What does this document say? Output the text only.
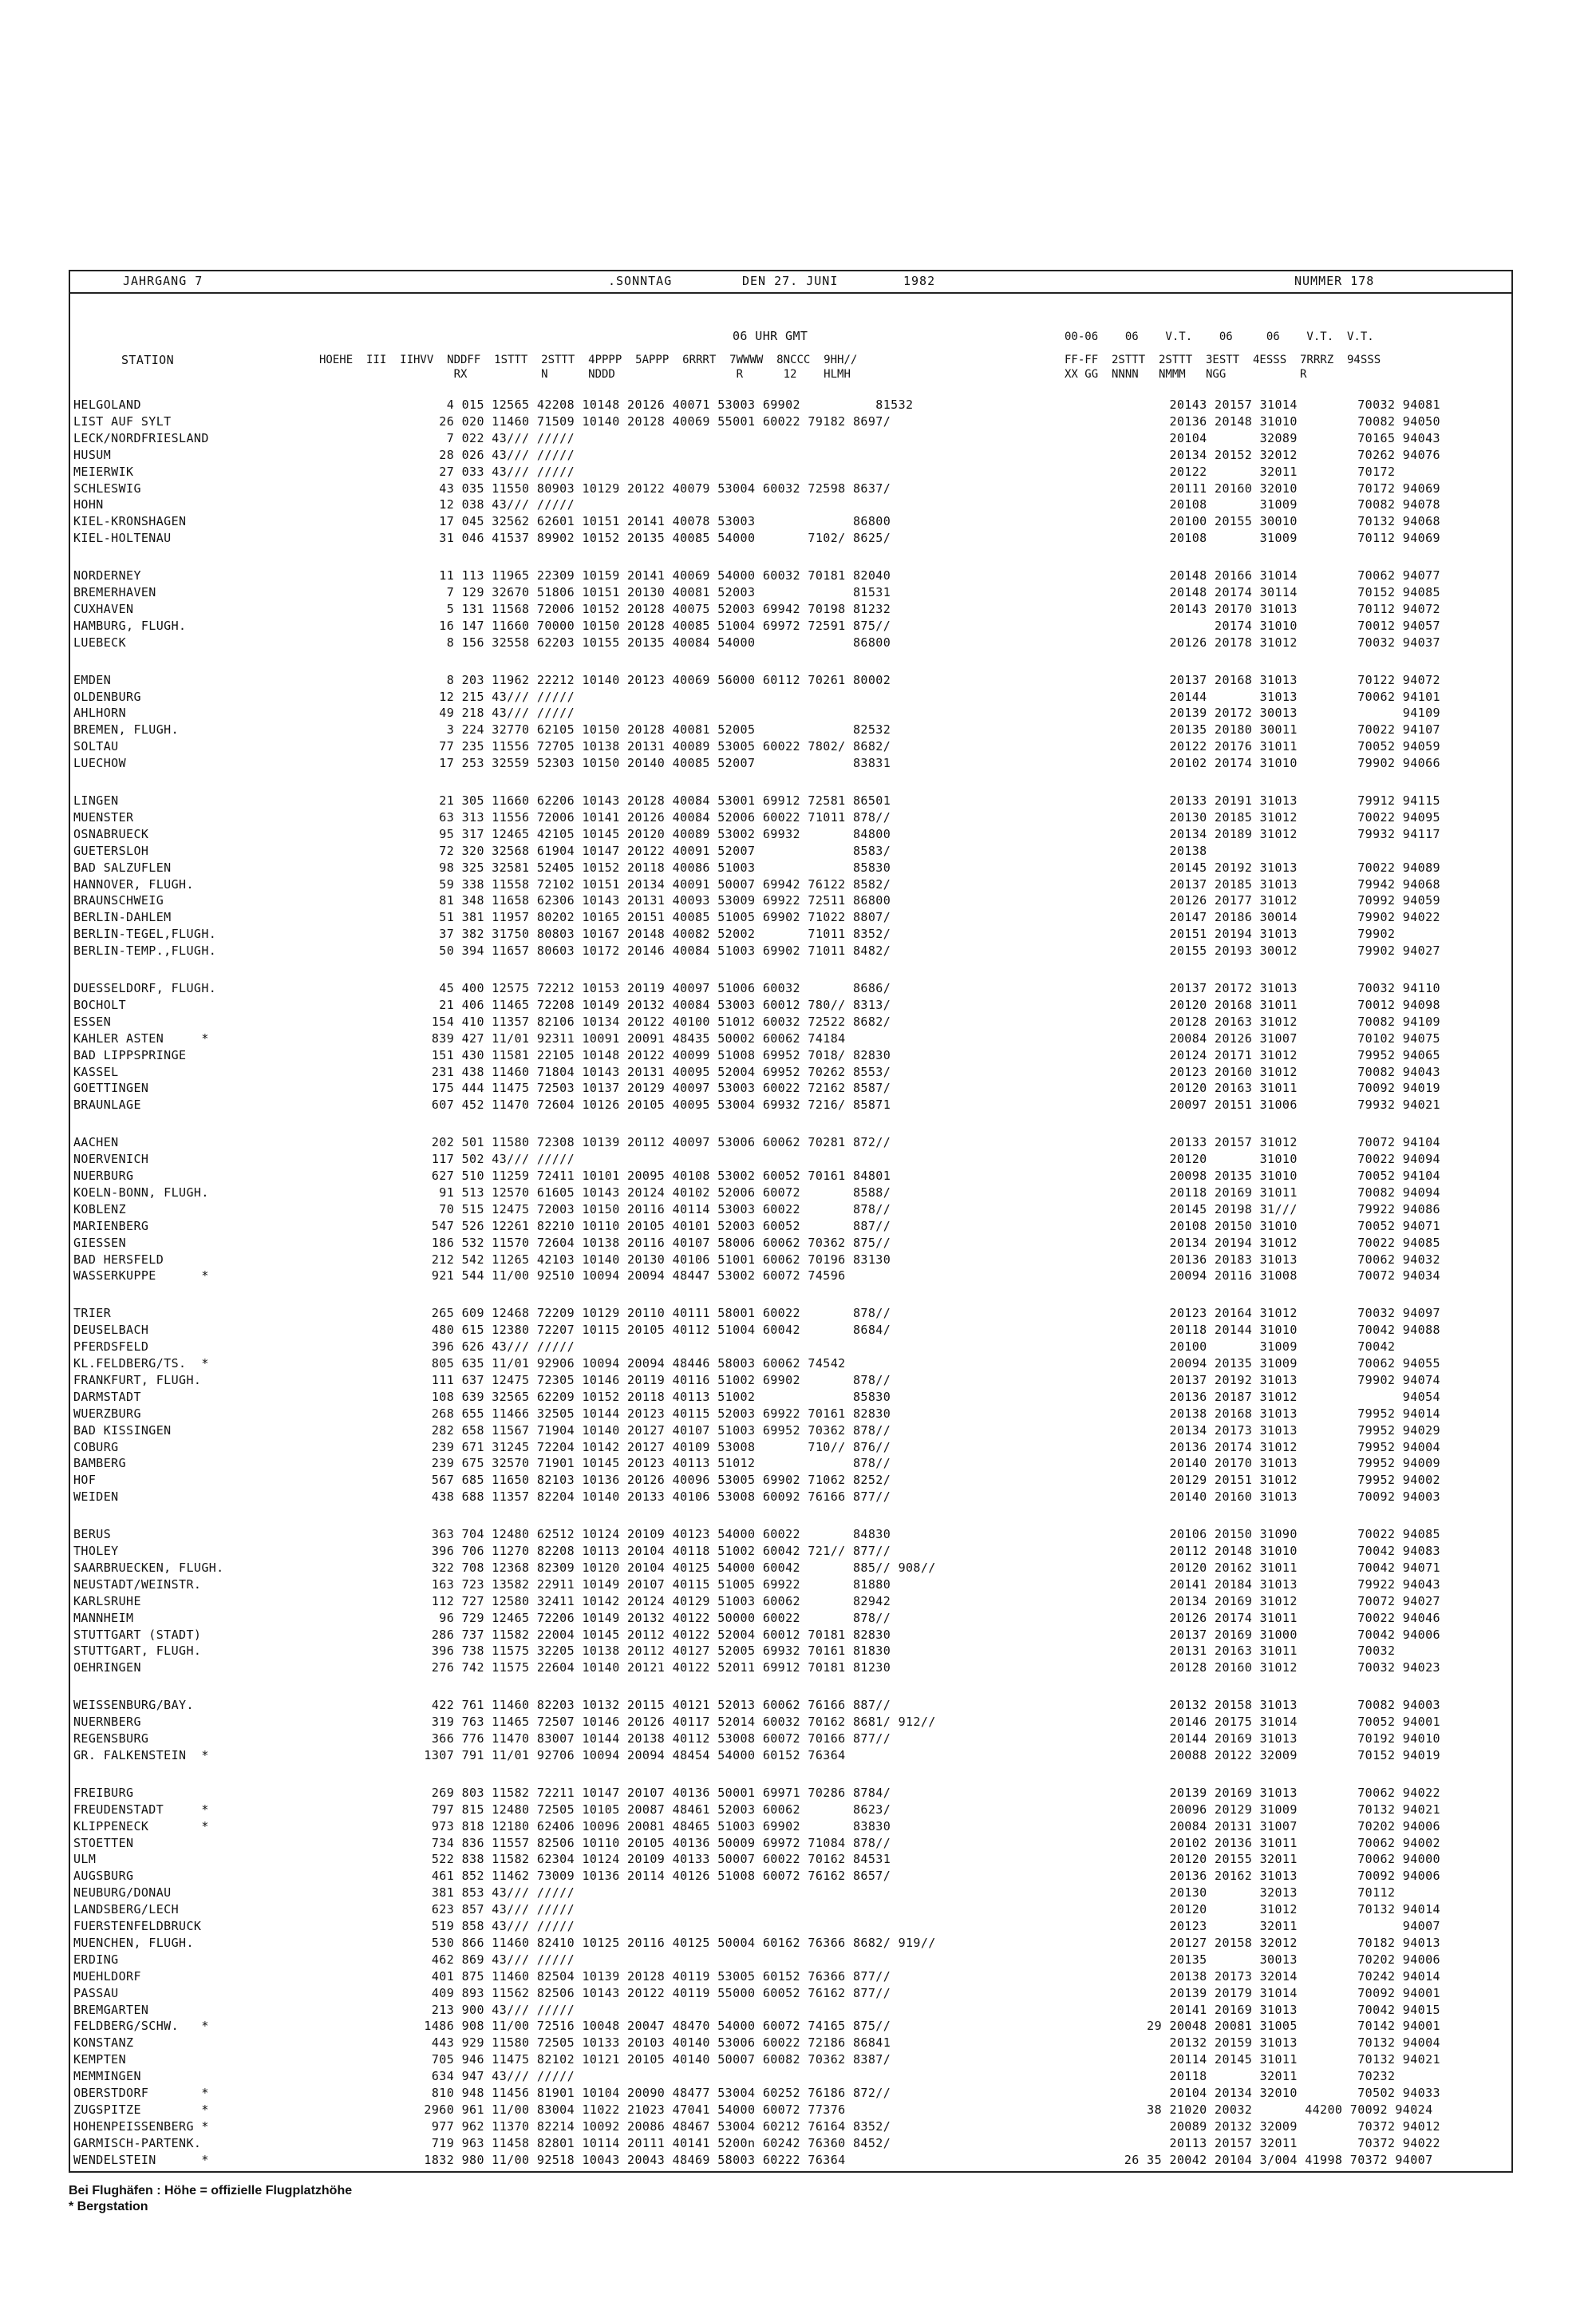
JAHRGANG 7	.SONNTAG	DEN 27. JUNI	1982	NUMMER 178
06 UHR GMT	00-06    06    V.T.    06     06    V.T.  V.T.
STATION	HOEHE  III  IIHVV  NDDFF  1STTT  2STTT  4PPPP  5APPP  6RRRT  7WWWW  8NCCC  9HH//
RX           N      NDDD                  R      12    HLMH
FF-FF  2STTT  2STTT  3ESTT  4ESSS  7RRRZ  94SSS
XX GG  NNNN   NMMM   NGG           R
HELGOLAND	4 015 12565 42208 10148 20126 40071 53003 69902          81532	20143 20157 31014        70032 94081
LIST AUF SYLT	26 020 11460 71509 10140 20128 40069 55001 60022 79182 8697/	20136 20148 31010        70082 94050
LECK/NORDFRIESLAND	7 022 43/// /////	20104       32089        70165 94043
HUSUM	28 026 43/// /////	20134 20152 32012        70262 94076
MEIERWIK	27 033 43/// /////	20122       32011        70172
SCHLESWIG	43 035 11550 80903 10129 20122 40079 53004 60032 72598 8637/	20111 20160 32010        70172 94069
HOHN	12 038 43/// /////	20108       31009        70082 94078
KIEL-KRONSHAGEN	17 045 32562 62601 10151 20141 40078 53003             86800	20100 20155 30010        70132 94068
KIEL-HOLTENAU	31 046 41537 89902 10152 20135 40085 54000       7102/ 8625/	20108       31009        70112 94069
NORDERNEY	11 113 11965 22309 10159 20141 40069 54000 60032 70181 82040	20148 20166 31014        70062 94077
BREMERHAVEN	7 129 32670 51806 10151 20130 40081 52003             81531	20148 20174 30114        70152 94085
CUXHAVEN	5 131 11568 72006 10152 20128 40075 52003 69942 70198 81232	20143 20170 31013        70112 94072
HAMBURG, FLUGH.	16 147 11660 70000 10150 20128 40085 51004 69972 72591 875//	20174 31010        70012 94057
LUEBECK	8 156 32558 62203 10155 20135 40084 54000             86800	20126 20178 31012        70032 94037
EMDEN	8 203 11962 22212 10140 20123 40069 56000 60112 70261 80002	20137 20168 31013        70122 94072
OLDENBURG	12 215 43/// /////	20144       31013        70062 94101
AHLHORN	49 218 43/// /////	20139 20172 30013              94109
BREMEN, FLUGH.	3 224 32770 62105 10150 20128 40081 52005             82532	20135 20180 30011        70022 94107
SOLTAU	77 235 11556 72705 10138 20131 40089 53005 60022 7802/ 8682/	20122 20176 31011        70052 94059
LUECHOW	17 253 32559 52303 10150 20140 40085 52007             83831	20102 20174 31010        79902 94066
LINGEN	21 305 11660 62206 10143 20128 40084 53001 69912 72581 86501	20133 20191 31013        79912 94115
MUENSTER	63 313 11556 72006 10141 20126 40084 52006 60022 71011 878//	20130 20185 31012        70022 94095
OSNABRUECK	95 317 12465 42105 10145 20120 40089 53002 69932       84800	20134 20189 31012        79932 94117
GUETERSLOH	72 320 32568 61904 10147 20122 40091 52007             8583/	20138
BAD SALZUFLEN	98 325 32581 52405 10152 20118 40086 51003             85830	20145 20192 31013        70022 94089
HANNOVER, FLUGH.	59 338 11558 72102 10151 20134 40091 50007 69942 76122 8582/	20137 20185 31013        79942 94068
BRAUNSCHWEIG	81 348 11658 62306 10143 20131 40093 53009 69922 72511 86800	20126 20177 31012        70992 94059
BERLIN-DAHLEM	51 381 11957 80202 10165 20151 40085 51005 69902 71022 8807/	20147 20186 30014        79902 94022
BERLIN-TEGEL,FLUGH.	37 382 31750 80803 10167 20148 40082 52002       71011 8352/	20151 20194 31013        79902
BERLIN-TEMP.,FLUGH.	50 394 11657 80603 10172 20146 40084 51003 69902 71011 8482/	20155 20193 30012        79902 94027
DUESSELDORF, FLUGH.	45 400 12575 72212 10153 20119 40097 51006 60032       8686/	20137 20172 31013        70032 94110
BOCHOLT	21 406 11465 72208 10149 20132 40084 53003 60012 780// 8313/	20120 20168 31011        70012 94098
ESSEN	154 410 11357 82106 10134 20122 40100 51012 60032 72522 8682/	20128 20163 31012        70082 94109
KAHLER ASTEN     *	839 427 11/01 92311 10091 20091 48435 50002 60062 74184	20084 20126 31007        70102 94075
BAD LIPPSPRINGE	151 430 11581 22105 10148 20122 40099 51008 69952 7018/ 82830	20124 20171 31012        79952 94065
KASSEL	231 438 11460 71804 10143 20131 40095 52004 69952 70262 8553/	20123 20160 31012        70082 94043
GOETTINGEN	175 444 11475 72503 10137 20129 40097 53003 60022 72162 8587/	20120 20163 31011        70092 94019
BRAUNLAGE	607 452 11470 72604 10126 20105 40095 53004 69932 7216/ 85871	20097 20151 31006        79932 94021
AACHEN	202 501 11580 72308 10139 20112 40097 53006 60062 70281 872//	20133 20157 31012        70072 94104
NOERVENICH	117 502 43/// /////	20120       31010        70022 94094
NUERBURG	627 510 11259 72411 10101 20095 40108 53002 60052 70161 84801	20098 20135 31010        70052 94104
KOELN-BONN, FLUGH.	91 513 12570 61605 10143 20124 40102 52006 60072       8588/	20118 20169 31011        70082 94094
KOBLENZ	70 515 12475 72003 10150 20116 40114 53003 60022       878//	20145 20198 31///        79922 94086
MARIENBERG	547 526 12261 82210 10110 20105 40101 52003 60052       887//	20108 20150 31010        70052 94071
GIESSEN	186 532 11570 72604 10138 20116 40107 58006 60062 70362 875//	20134 20194 31012        70022 94085
BAD HERSFELD	212 542 11265 42103 10140 20130 40106 51001 60062 70196 83130	20136 20183 31013        70062 94032
WASSERKUPPE      *	921 544 11/00 92510 10094 20094 48447 53002 60072 74596	20094 20116 31008        70072 94034
TRIER	265 609 12468 72209 10129 20110 40111 58001 60022       878//	20123 20164 31012        70032 94097
DEUSELBACH	480 615 12380 72207 10115 20105 40112 51004 60042       8684/	20118 20144 31010        70042 94088
PFERDSFELD	396 626 43/// /////	20100       31009        70042
KL.FELDBERG/TS.  *	805 635 11/01 92906 10094 20094 48446 58003 60062 74542	20094 20135 31009        70062 94055
FRANKFURT, FLUGH.	111 637 12475 72305 10146 20119 40116 51002 69902       878//	20137 20192 31013        79902 94074
DARMSTADT	108 639 32565 62209 10152 20118 40113 51002             85830	20136 20187 31012              94054
WUERZBURG	268 655 11466 32505 10144 20123 40115 52003 69922 70161 82830	20138 20168 31013        79952 94014
BAD KISSINGEN	282 658 11567 71904 10140 20127 40107 51003 69952 70362 878//	20134 20173 31013        79952 94029
COBURG	239 671 31245 72204 10142 20127 40109 53008       710// 876//	20136 20174 31012        79952 94004
BAMBERG	239 675 32570 71901 10145 20123 40113 51012             878//	20140 20170 31013        79952 94009
HOF	567 685 11650 82103 10136 20126 40096 53005 69902 71062 8252/	20129 20151 31012        79952 94002
WEIDEN	438 688 11357 82204 10140 20133 40106 53008 60092 76166 877//	20140 20160 31013        70092 94003
BERUS	363 704 12480 62512 10124 20109 40123 54000 60022       84830	20106 20150 31090        70022 94085
THOLEY	396 706 11270 82208 10113 20104 40118 51002 60042 721// 877//	20112 20148 31010        70042 94083
SAARBRUECKEN, FLUGH.	322 708 12368 82309 10120 20104 40125 54000 60042       885// 908//	20120 20162 31011        70042 94071
NEUSTADT/WEINSTR.	163 723 13582 22911 10149 20107 40115 51005 69922       81880	20141 20184 31013        79922 94043
KARLSRUHE	112 727 12580 32411 10142 20124 40129 51003 60062       82942	20134 20169 31012        70072 94027
MANNHEIM	96 729 12465 72206 10149 20132 40122 50000 60022       878//	20126 20174 31011        70022 94046
STUTTGART (STADT)	286 737 11582 22004 10145 20112 40122 52004 60012 70181 82830	20137 20169 31000        70042 94006
STUTTGART, FLUGH.	396 738 11575 32205 10138 20112 40127 52005 69932 70161 81830	20131 20163 31011        70032
OEHRINGEN	276 742 11575 22604 10140 20121 40122 52011 69912 70181 81230	20128 20160 31012        70032 94023
WEISSENBURG/BAY.	422 761 11460 82203 10132 20115 40121 52013 60062 76166 887//	20132 20158 31013        70082 94003
NUERNBERG	319 763 11465 72507 10146 20126 40117 52014 60032 70162 8681/ 912//	20146 20175 31014        70052 94001
REGENSBURG	366 776 11470 83007 10144 20138 40112 53008 60072 70166 877//	20144 20169 31013        70192 94010
GR. FALKENSTEIN  *	1307 791 11/01 92706 10094 20094 48454 54000 60152 76364	20088 20122 32009        70152 94019
FREIBURG	269 803 11582 72211 10147 20107 40136 50001 69971 70286 8784/	20139 20169 31013        70062 94022
FREUDENSTADT     *	797 815 12480 72505 10105 20087 48461 52003 60062       8623/	20096 20129 31009        70132 94021
KLIPPENECK       *	973 818 12180 62406 10096 20081 48465 51003 69902       83830	20084 20131 31007        70202 94006
STOETTEN	734 836 11557 82506 10110 20105 40136 50009 69972 71084 878//	20102 20136 31011        70062 94002
ULM	522 838 11582 62304 10124 20109 40133 50007 60022 70162 84531	20120 20155 32011        70062 94000
AUGSBURG	461 852 11462 73009 10136 20114 40126 51008 60072 76162 8657/	20136 20162 31013        70092 94006
NEUBURG/DONAU	381 853 43/// /////	20130       32013        70112
LANDSBERG/LECH	623 857 43/// /////	20120       31012        70132 94014
FUERSTENFELDBRUCK	519 858 43/// /////	20123       32011              94007
MUENCHEN, FLUGH.	530 866 11460 82410 10125 20116 40125 50004 60162 76366 8682/ 919//	20127 20158 32012        70182 94013
ERDING	462 869 43/// /////	20135       30013        70202 94006
MUEHLDORF	401 875 11460 82504 10139 20128 40119 53005 60152 76366 877//	20138 20173 32014        70242 94014
PASSAU	409 893 11562 82506 10143 20122 40119 55000 60052 76162 877//	20139 20179 31014        70092 94001
BREMGARTEN	213 900 43/// /////	20141 20169 31013        70042 94015
FELDBERG/SCHW.   *	1486 908 11/00 72516 10048 20047 48470 54000 60072 74165 875//	29 20048 20081 31005        70142 94001
KONSTANZ	443 929 11580 72505 10133 20103 40140 53006 60022 72186 86841	20132 20159 31013        70132 94004
KEMPTEN	705 946 11475 82102 10121 20105 40140 50007 60082 70362 8387/	20114 20145 31011        70132 94021
MEMMINGEN	634 947 43/// /////	20118       32011        70232
OBERSTDORF       *	810 948 11456 81901 10104 20090 48477 53004 60252 76186 872//	20104 20134 32010        70502 94033
ZUGSPITZE        *	2960 961 11/00 83004 11022 21023 47041 54000 60072 77376	38 21020 20032       44200 70092 94024
HOHENPEISSENBERG *	977 962 11370 82214 10092 20086 48467 53004 60212 76164 8352/	20089 20132 32009        70372 94012
GARMISCH-PARTENK.	719 963 11458 82801 10114 20111 40141 5200n 60242 76360 8452/	20113 20157 32011        70372 94022
WENDELSTEIN      *	1832 980 11/00 92518 10043 20043 48469 58003 60222 76364	26 35 20042 20104 3/004 41998 70372 94007
Bei Flughäfen : Höhe = offizielle Flugplatzhöhe
* Bergstation
